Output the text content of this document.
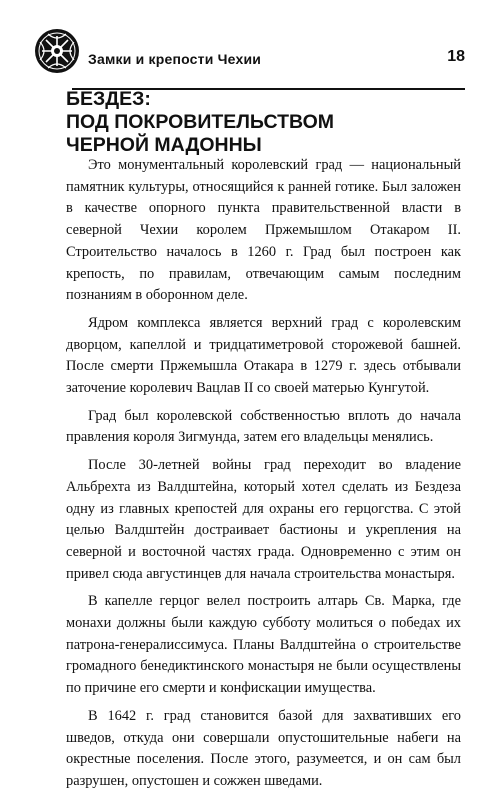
Замки и крепости Чехии	18
БЕЗДЕЗ:
ПОД ПОКРОВИТЕЛЬСТВОМ
ЧЕРНОЙ МАДОННЫ

Это монументальный королевский град — национальный памятник культуры, относящийся к ранней готике. Был заложен в качестве опорного пункта правительственной власти в северной Чехии королем Пржемышлом Отакаром II. Строительство началось в 1260 г. Град был построен как крепость, по правилам, отвечающим самым последним познаниям в оборонном деле.

Ядром комплекса является верхний град с королевским дворцом, капеллой и тридцатиметровой сторожевой башней. После смерти Пржемышла Отакара в 1279 г. здесь отбывали заточение королевич Вацлав II со своей матерью Кунгутой.

Град был королевской собственностью вплоть до начала правления короля Зигмунда, затем его владельцы менялись.

После 30-летней войны град переходит во владение Альбрехта из Валдштейна, который хотел сделать из Бездеза одну из главных крепостей для охраны его герцогства. С этой целью Валдштейн достраивает бастионы и укрепления на северной и восточной частях града. Одновременно с этим он привел сюда августинцев для начала строительства монастыря.

В капелле герцог велел построить алтарь Св. Марка, где монахи должны были каждую субботу молиться о победах их патрона-генералиссимуса. Планы Валдштейна о строительстве громадного бенедиктинского монастыря не были осуществлены по причине его смерти и конфискации имущества.

В 1642 г. град становится базой для захвативших его шведов, откуда они совершали опустошительные набеги на окрестные поселения. После этого, разумеется, и он сам был разрушен, опустошен и сожжен шведами.
